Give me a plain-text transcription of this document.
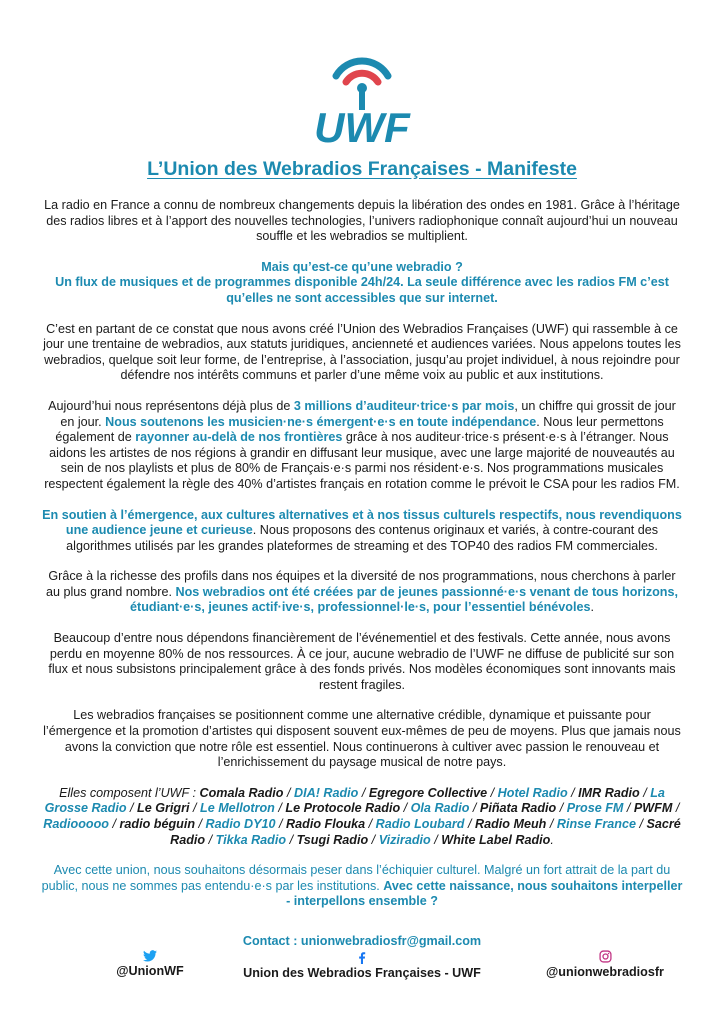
UWF
L’Union des Webradios Françaises - Manifeste

La radio en France a connu de nombreux changements depuis la libération des ondes en 1981. Grâce à l’héritage des radios libres et à l’apport des nouvelles technologies, l’univers radiophonique connaît aujourd’hui un nouveau souffle et les webradios se multiplient.

Mais qu’est-ce qu’une webradio ?
Un flux de musiques et de programmes disponible 24h/24. La seule différence avec les radios FM c’est qu’elles ne sont accessibles que sur internet.

C’est en partant de ce constat que nous avons créé l’Union des Webradios Françaises (UWF) qui rassemble à ce jour une trentaine de webradios, aux statuts juridiques, ancienneté et audiences variées. Nous appelons toutes les webradios, quelque soit leur forme, de l’entreprise, à l’association, jusqu’au projet individuel, à nous rejoindre pour défendre nos intérêts communs et parler d’une même voix au public et aux institutions.

Aujourd’hui nous représentons déjà plus de 3 millions d’auditeur·trice·s par mois, un chiffre qui grossit de jour en jour. Nous soutenons les musicien·ne·s émergent·e·s en toute indépendance. Nous leur permettons également de rayonner au-delà de nos frontières grâce à nos auditeur·trice·s présent·e·s à l’étranger. Nous aidons les artistes de nos régions à grandir en diffusant leur musique, avec une large majorité de nouveautés au sein de nos playlists et plus de 80% de Français·e·s parmi nos résident·e·s. Nos programmations musicales respectent également la règle des 40% d’artistes français en rotation comme le prévoit le CSA pour les radios FM.

En soutien à l’émergence, aux cultures alternatives et à nos tissus culturels respectifs, nous revendiquons une audience jeune et curieuse. Nous proposons des contenus originaux et variés, à contre-courant des algorithmes utilisés par les grandes plateformes de streaming et des TOP40 des radios FM commerciales.

Grâce à la richesse des profils dans nos équipes et la diversité de nos programmations, nous cherchons à parler au plus grand nombre. Nos webradios ont été créées par de jeunes passionné·e·s venant de tous horizons, étudiant·e·s, jeunes actif·ive·s, professionnel·le·s, pour l’essentiel bénévoles.

Beaucoup d’entre nous dépendons financièrement de l’événementiel et des festivals. Cette année, nous avons perdu en moyenne 80% de nos ressources. À ce jour, aucune webradio de l’UWF ne diffuse de publicité sur son flux et nous subsistons principalement grâce à des fonds privés. Nos modèles économiques sont innovants mais restent fragiles.

Les webradios françaises se positionnent comme une alternative crédible, dynamique et puissante pour l’émergence et la promotion d’artistes qui disposent souvent eux-mêmes de peu de moyens. Plus que jamais nous avons la conviction que notre rôle est essentiel. Nous continuerons à cultiver avec passion le renouveau et l’enrichissement du paysage musical de notre pays.

Elles composent l’UWF : Comala Radio / DIA! Radio / Egregore Collective / Hotel Radio / IMR Radio / La Grosse Radio / Le Grigri / Le Mellotron / Le Protocole Radio / Ola Radio / Piñata Radio / Prose FM / PWFM / Radiooooo / radio béguin / Radio DY10 / Radio Flouka / Radio Loubard / Radio Meuh / Rinse France / Sacré Radio / Tikka Radio / Tsugi Radio / Viziradio / White Label Radio.

Avec cette union, nous souhaitons désormais peser dans l’échiquier culturel. Malgré un fort attrait de la part du public, nous ne sommes pas entendu·e·s par les institutions. Avec cette naissance, nous souhaitons interpeller - interpellons ensemble ?

Contact : unionwebradiosfr@gmail.com
@UnionWF	Union des Webradios Françaises - UWF	@unionwebradiosfr
